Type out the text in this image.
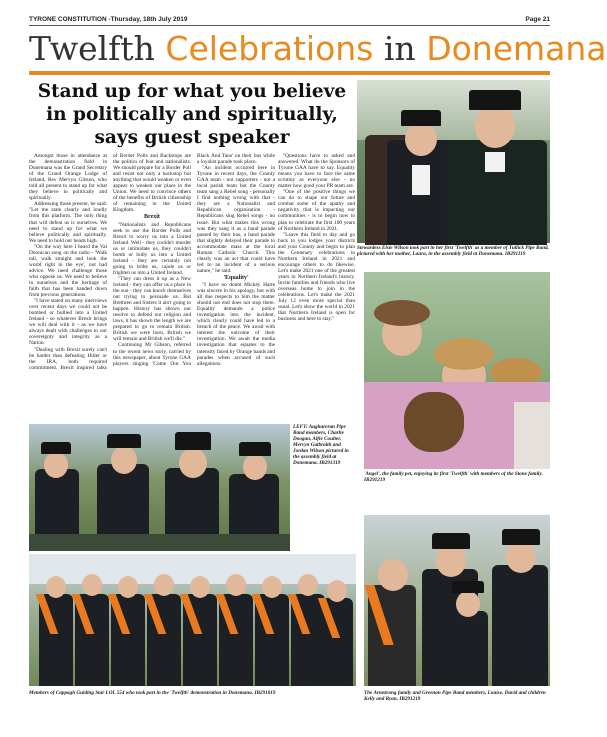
TYRONE CONSTITUTION -Thursday, 18th July 2019	Page 21
Twelfth Celebrations in Donemana
Stand up for what you believe in politically and spiritually, says guest speaker

Amongst those in attendance at the demonstration field in Donemana was the Grand Secretary of the Grand Orange Lodge of Ireland, Rev Mervyn Gibson, who told all present to stand up for what they believe in politically and spiritually.

Addressing those present, he said: "Let me state clearly and loudly from this platform. The only thing that will defeat us is ourselves. We need to stand up for what we believe politically and spiritually. We need to hold our heads high.

"On the way here I heard the Val Doonican song on the radio - 'Walk tall, walk straight and look the world right in the eye', not bad advice. We need challenge those who oppose us. We need to believe in ourselves and the heritage of faith that has been handed down from previous generations.

"I have stated on many interviews over recent days we could not be bombed or bullied into a United Ireland - so whatever Brexit brings we will deal with it - as we have always dealt with challenges to our sovereignty and integrity as a Nation.

"Dealing with Brexit surely can't be harder than defeating Hitler or the IRA, both required commitment. Brexit inspired talks of Border Polls and Backstops are the politics of fear and nationalists. We should prepare for a Border Poll and resist not only a backstop but anything that would weaken or even appear to weaken our place in the Union. We need to convince others of the benefits of British citizenship of remaining in the United Kingdom.

Brexit

"Nationalists and Republicans seek to use the Border Polls and Brexit to worry us into a United Ireland. Well - they couldn't murder us or intimidate us, they couldn't bomb or bully us into a United Ireland - they are certainly not going to bribe us, cajole us or frighten us into a United Ireland.

"They can dress it up as a New Ireland - they can offer us a place in the sun - they can knock themselves out trying to persuade us. But Brethren and Sisters it ain't going to happen. History has shown our resolve to defend our religion and laws, it has shown the length we are prepared to go to remain British. British we were born, British we will remain and British we'll die."

Continuing Mr Gibson, referred to the recent news story, carried by this newspaper, about Tyrone GAA players singing 'Come Out You Black And Tans' on their bus while a loyalist parade took place.

"An incident occurred here in Tyrone in recent days, the County GAA team - not supporters - not a local parish team but the County team sang a Rebel song - personally I find nothing wrong with that - they are a Nationalist and Republican organisation - Republicans sing Rebel songs - no issue. But what makes this wrong was they sang it as a band parade passed by their bus, a band parade that slightly delayed their parade to accommodate mass at the local Roman Catholic Church. This clearly was an act that could have led to an incident of a serious nature," he said.

'Equality'

"I have no doubt Mickey Harte was sincere in his apology, but with all due respects to him the matter should not end does not stop there. Equality demands a police investigation into the incident, which clearly could have led to a breach of the peace. We await with interest the outcome of their investigation. We await the media investigation that equates to the intensity faced by Orange bands and parades when accused of such allegations.

Stewardess Elsie Wilson took part in her first 'Twelfth' as a member of Tullick Pipe Band, pictured with her mother, Laura, in the assembly field at Donemana. IB291119
'Angel', the family pet, enjoying its first 'Twelfth' with members of the Stone family. IB291219
LEFT: Aughareran Pipe Band members, Charlie Doogan, Alfie Coulter, Mervyn Galbraith and Jordan Wilson pictured in the assembly field at Donemana. IB291319
Members of Cappagh Guiding Star LOL 554 who took part in the 'Twelfth' demonstration in Donemana. IB291019	The Armstrong family and Greenan Pipe Band members, Louise, David and children Kelly and Ryan. IB291219

"Questions have to asked and answered. What do the Sponsors of Tyrone GAA have to say. Equality means you have to face the same scrutiny as everyone else - no matter how good your PR team are.

"One of the positive things we can do to shape our future and combat some of the apathy and negativity that is impacting our communities - is to begin now to plan to celebrate the first 100 years of Northern Ireland in 2021.

"Leave this field to day and go back to you lodges your districts and your County and begin to plan the Centenary celebrations in Northern Ireland in 2021 and encourage others to do likewise. Let's make 2021 one of the greatest years in Northern Ireland's history. Invite families and friends who live overseas home to join in the celebrations. Let's make the 2021 July 12 even more special than usual. Let's show the world in 2021 that Northern Ireland is open for business and here to stay."
